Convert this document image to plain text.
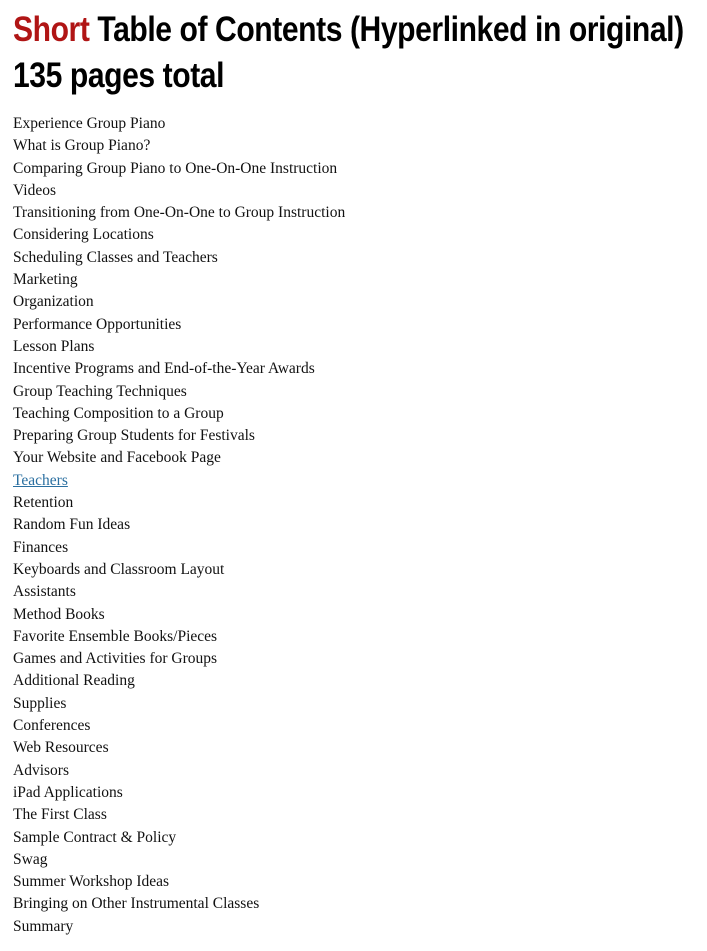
Short Table of Contents (Hyperlinked in original)
135 pages total
Experience Group Piano
What is Group Piano?
Comparing Group Piano to One-On-One Instruction
Videos
Transitioning from One-On-One to Group Instruction
Considering Locations
Scheduling Classes and Teachers
Marketing
Organization
Performance Opportunities
Lesson Plans
Incentive Programs and End-of-the-Year Awards
Group Teaching Techniques
Teaching Composition to a Group
Preparing Group Students for Festivals
Your Website and Facebook Page
Teachers
Retention
Random Fun Ideas
Finances
Keyboards and Classroom Layout
Assistants
Method Books
Favorite Ensemble Books/Pieces
Games and Activities for Groups
Additional Reading
Supplies
Conferences
Web Resources
Advisors
iPad Applications
The First Class
Sample Contract & Policy
Swag
Summer Workshop Ideas
Bringing on Other Instrumental Classes
Summary
